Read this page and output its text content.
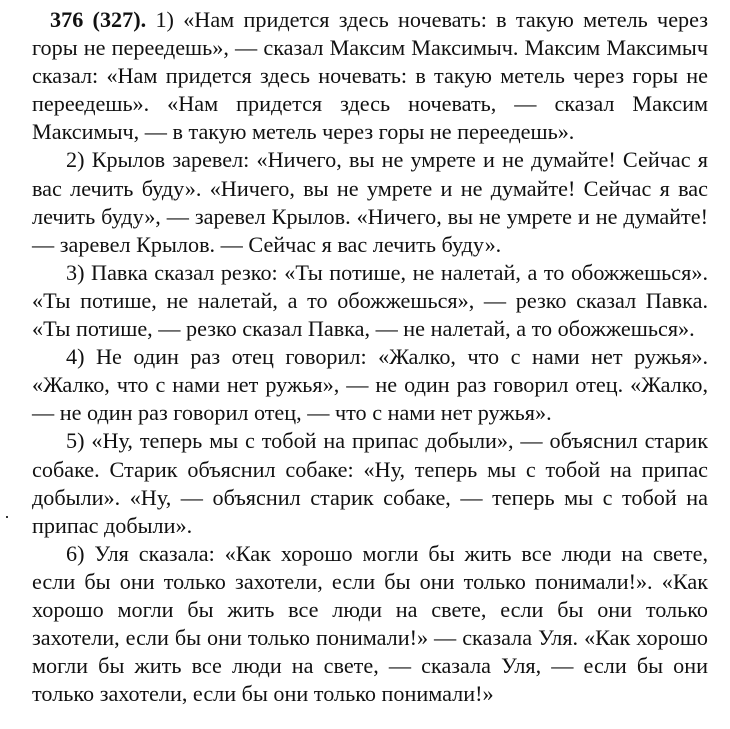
376 (327). 1) «Нам придется здесь ночевать: в такую метель через горы не переедешь», — сказал Максим Максимыч. Максим Максимыч сказал: «Нам придется здесь ночевать: в такую метель через горы не переедешь». «Нам придется здесь ночевать, — сказал Максим Максимыч, — в такую метель через горы не переедешь».

2) Крылов заревел: «Ничего, вы не умрете и не думайте! Сейчас я вас лечить буду». «Ничего, вы не умрете и не думайте! Сейчас я вас лечить буду», — заревел Крылов. «Ничего, вы не умрете и не думайте! — заревел Крылов. — Сейчас я вас лечить буду».

3) Павка сказал резко: «Ты потише, не налетай, а то обожжешься». «Ты потише, не налетай, а то обожжешься», — резко сказал Павка. «Ты потише, — резко сказал Павка, — не налетай, а то обожжешься».

4) Не один раз отец говорил: «Жалко, что с нами нет ружья». «Жалко, что с нами нет ружья», — не один раз говорил отец. «Жалко, — не один раз говорил отец, — что с нами нет ружья».

5) «Ну, теперь мы с тобой на припас добыли», — объяснил старик собаке. Старик объяснил собаке: «Ну, теперь мы с тобой на припас добыли». «Ну, — объяснил старик собаке, — теперь мы с тобой на припас добыли».

6) Уля сказала: «Как хорошо могли бы жить все люди на свете, если бы они только захотели, если бы они только понимали!». «Как хорошо могли бы жить все люди на свете, если бы они только захотели, если бы они только понимали!» — сказала Уля. «Как хорошо могли бы жить все люди на свете, — сказала Уля, — если бы они только захотели, если бы они только понимали!»
